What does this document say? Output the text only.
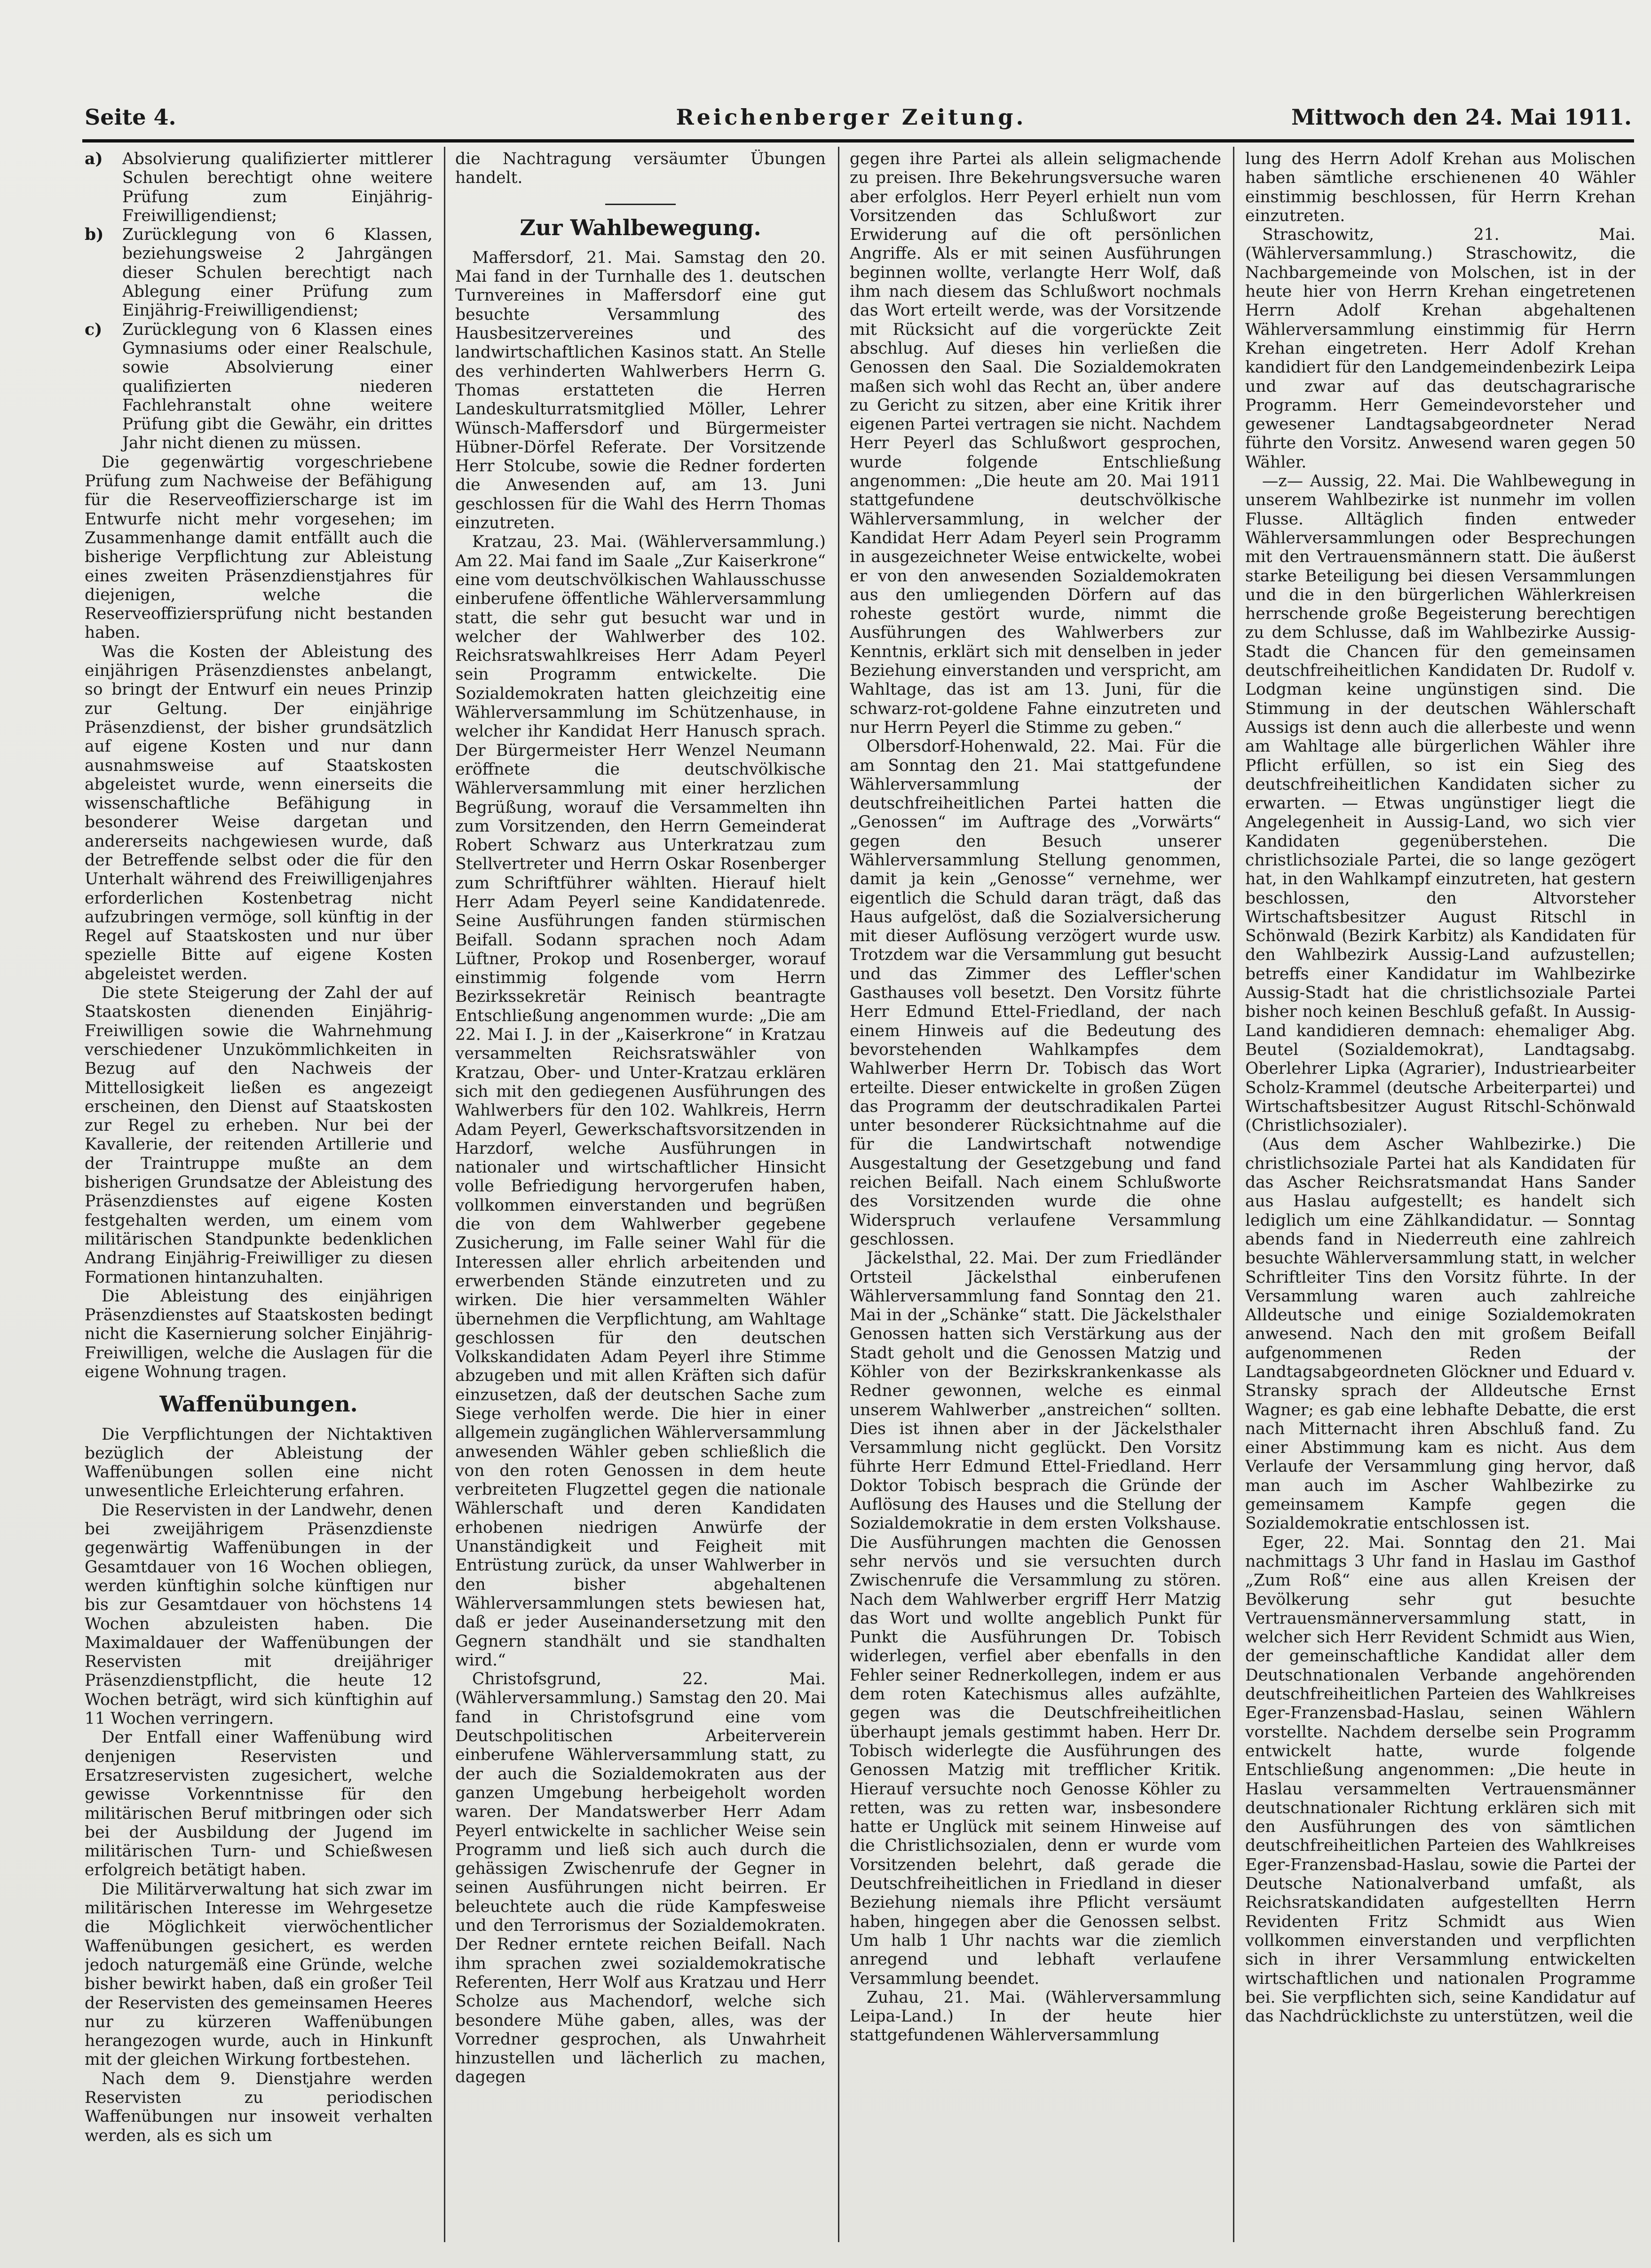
Seite 4.	Reichenberger Zeitung.	Mittwoch den 24. Mai 1911.

a) Absolvierung qualifizierter mittlerer Schulen berechtigt ohne weitere Prüfung zum Einjährig-Freiwilligendienst;

b) Zurücklegung von 6 Klassen, beziehungsweise 2 Jahrgängen dieser Schulen berechtigt nach Ablegung einer Prüfung zum Einjährig-Freiwilligendienst;

c) Zurücklegung von 6 Klassen eines Gymnasiums oder einer Realschule, sowie Absolvierung einer qualifizierten niederen Fachlehranstalt ohne weitere Prüfung gibt die Gewähr, ein drittes Jahr nicht dienen zu müssen.

Die gegenwärtig vorgeschriebene Prüfung zum Nachweise der Befähigung für die Reserveoffizierscharge ist im Entwurfe nicht mehr vorgesehen; im Zusammenhange damit entfällt auch die bisherige Verpflichtung zur Ableistung eines zweiten Präsenzdienstjahres für diejenigen, welche die Reserveoffiziersprüfung nicht bestanden haben.

Was die Kosten der Ableistung des einjährigen Präsenzdienstes anbelangt, so bringt der Entwurf ein neues Prinzip zur Geltung. Der einjährige Präsenzdienst, der bisher grundsätzlich auf eigene Kosten und nur dann ausnahmsweise auf Staatskosten abgeleistet wurde, wenn einerseits die wissenschaftliche Befähigung in besonderer Weise dargetan und andererseits nachgewiesen wurde, daß der Betreffende selbst oder die für den Unterhalt während des Freiwilligenjahres erforderlichen Kostenbetrag nicht aufzubringen vermöge, soll künftig in der Regel auf Staatskosten und nur über spezielle Bitte auf eigene Kosten abgeleistet werden.

Die stete Steigerung der Zahl der auf Staatskosten dienenden Einjährig-Freiwilligen sowie die Wahrnehmung verschiedener Unzukömmlichkeiten in Bezug auf den Nachweis der Mittellosigkeit ließen es angezeigt erscheinen, den Dienst auf Staatskosten zur Regel zu erheben. Nur bei der Kavallerie, der reitenden Artillerie und der Traintruppe mußte an dem bisherigen Grundsatze der Ableistung des Präsenzdienstes auf eigene Kosten festgehalten werden, um einem vom militärischen Standpunkte bedenklichen Andrang Einjährig-Freiwilliger zu diesen Formationen hintanzuhalten.

Die Ableistung des einjährigen Präsenzdienstes auf Staatskosten bedingt nicht die Kasernierung solcher Einjährig-Freiwilligen, welche die Auslagen für die eigene Wohnung tragen.

Waffenübungen.

Die Verpflichtungen der Nichtaktiven bezüglich der Ableistung der Waffenübungen sollen eine nicht unwesentliche Erleichterung erfahren.

Die Reservisten in der Landwehr, denen bei zweijährigem Präsenzdienste gegenwärtig Waffenübungen in der Gesamtdauer von 16 Wochen obliegen, werden künftighin solche künftigen nur bis zur Gesamtdauer von höchstens 14 Wochen abzuleisten haben. Die Maximaldauer der Waffenübungen der Reservisten mit dreijähriger Präsenzdienstpflicht, die heute 12 Wochen beträgt, wird sich künftighin auf 11 Wochen verringern.

Der Entfall einer Waffenübung wird denjenigen Reservisten und Ersatzreservisten zugesichert, welche gewisse Vorkenntnisse für den militärischen Beruf mitbringen oder sich bei der Ausbildung der Jugend im militärischen Turn- und Schießwesen erfolgreich betätigt haben.

Die Militärverwaltung hat sich zwar im militärischen Interesse im Wehrgesetze die Möglichkeit vierwöchentlicher Waffenübungen gesichert, es werden jedoch naturgemäß eine Gründe, welche bisher bewirkt haben, daß ein großer Teil der Reservisten des gemeinsamen Heeres nur zu kürzeren Waffenübungen herangezogen wurde, auch in Hinkunft mit der gleichen Wirkung fortbestehen.

Nach dem 9. Dienstjahre werden Reservisten zu periodischen Waffenübungen nur insoweit verhalten werden, als es sich um

die Nachtragung versäumter Übungen handelt.

Zur Wahlbewegung.

Maffersdorf, 21. Mai. Samstag den 20. Mai fand in der Turnhalle des 1. deutschen Turnvereines in Maffersdorf eine gut besuchte Versammlung des Hausbesitzervereines und des landwirtschaftlichen Kasinos statt. An Stelle des verhinderten Wahlwerbers Herrn G. Thomas erstatteten die Herren Landeskulturratsmitglied Möller, Lehrer Wünsch-Maffersdorf und Bürgermeister Hübner-Dörfel Referate. Der Vorsitzende Herr Stolcube, sowie die Redner forderten die Anwesenden auf, am 13. Juni geschlossen für die Wahl des Herrn Thomas einzutreten.

Kratzau, 23. Mai. (Wählerversammlung.) Am 22. Mai fand im Saale „Zur Kaiserkrone“ eine vom deutschvölkischen Wahlausschusse einberufene öffentliche Wählerversammlung statt, die sehr gut besucht war und in welcher der Wahlwerber des 102. Reichsratswahlkreises Herr Adam Peyerl sein Programm entwickelte. Die Sozialdemokraten hatten gleichzeitig eine Wählerversammlung im Schützenhause, in welcher ihr Kandidat Herr Hanusch sprach. Der Bürgermeister Herr Wenzel Neumann eröffnete die deutschvölkische Wählerversammlung mit einer herzlichen Begrüßung, worauf die Versammelten ihn zum Vorsitzenden, den Herrn Gemeinderat Robert Schwarz aus Unterkratzau zum Stellvertreter und Herrn Oskar Rosenberger zum Schriftführer wählten. Hierauf hielt Herr Adam Peyerl seine Kandidatenrede. Seine Ausführungen fanden stürmischen Beifall. Sodann sprachen noch Adam Lüftner, Prokop und Rosenberger, worauf einstimmig folgende vom Herrn Bezirkssekretär Reinisch beantragte Entschließung angenommen wurde: „Die am 22. Mai I. J. in der „Kaiserkrone“ in Kratzau versammelten Reichsratswähler von Kratzau, Ober- und Unter-Kratzau erklären sich mit den gediegenen Ausführungen des Wahlwerbers für den 102. Wahlkreis, Herrn Adam Peyerl, Gewerkschaftsvorsitzenden in Harzdorf, welche Ausführungen in nationaler und wirtschaftlicher Hinsicht volle Befriedigung hervorgerufen haben, vollkommen einverstanden und begrüßen die von dem Wahlwerber gegebene Zusicherung, im Falle seiner Wahl für die Interessen aller ehrlich arbeitenden und erwerbenden Stände einzutreten und zu wirken. Die hier versammelten Wähler übernehmen die Verpflichtung, am Wahltage geschlossen für den deutschen Volkskandidaten Adam Peyerl ihre Stimme abzugeben und mit allen Kräften sich dafür einzusetzen, daß der deutschen Sache zum Siege verholfen werde. Die hier in einer allgemein zugänglichen Wählerversammlung anwesenden Wähler geben schließlich die von den roten Genossen in dem heute verbreiteten Flugzettel gegen die nationale Wählerschaft und deren Kandidaten erhobenen niedrigen Anwürfe der Unanständigkeit und Feigheit mit Entrüstung zurück, da unser Wahlwerber in den bisher abgehaltenen Wählerversammlungen stets bewiesen hat, daß er jeder Auseinandersetzung mit den Gegnern standhält und sie standhalten wird.“

Christofsgrund, 22. Mai. (Wählerversammlung.) Samstag den 20. Mai fand in Christofsgrund eine vom Deutschpolitischen Arbeiterverein einberufene Wählerversammlung statt, zu der auch die Sozialdemokraten aus der ganzen Umgebung herbeigeholt worden waren. Der Mandatswerber Herr Adam Peyerl entwickelte in sachlicher Weise sein Programm und ließ sich auch durch die gehässigen Zwischenrufe der Gegner in seinen Ausführungen nicht beirren. Er beleuchtete auch die rüde Kampfesweise und den Terrorismus der Sozialdemokraten. Der Redner erntete reichen Beifall. Nach ihm sprachen zwei sozialdemokratische Referenten, Herr Wolf aus Kratzau und Herr Scholze aus Machendorf, welche sich besondere Mühe gaben, alles, was der Vorredner gesprochen, als Unwahrheit hinzustellen und lächerlich zu machen, dagegen

gegen ihre Partei als allein seligmachende zu preisen. Ihre Bekehrungsversuche waren aber erfolglos. Herr Peyerl erhielt nun vom Vorsitzenden das Schlußwort zur Erwiderung auf die oft persönlichen Angriffe. Als er mit seinen Ausführungen beginnen wollte, verlangte Herr Wolf, daß ihm nach diesem das Schlußwort nochmals das Wort erteilt werde, was der Vorsitzende mit Rücksicht auf die vorgerückte Zeit abschlug. Auf dieses hin verließen die Genossen den Saal. Die Sozialdemokraten maßen sich wohl das Recht an, über andere zu Gericht zu sitzen, aber eine Kritik ihrer eigenen Partei vertragen sie nicht. Nachdem Herr Peyerl das Schlußwort gesprochen, wurde folgende Entschließung angenommen: „Die heute am 20. Mai 1911 stattgefundene deutschvölkische Wählerversammlung, in welcher der Kandidat Herr Adam Peyerl sein Programm in ausgezeichneter Weise entwickelte, wobei er von den anwesenden Sozialdemokraten aus den umliegenden Dörfern auf das roheste gestört wurde, nimmt die Ausführungen des Wahlwerbers zur Kenntnis, erklärt sich mit denselben in jeder Beziehung einverstanden und verspricht, am Wahltage, das ist am 13. Juni, für die schwarz-rot-goldene Fahne einzutreten und nur Herrn Peyerl die Stimme zu geben.“

Olbersdorf-Hohenwald, 22. Mai. Für die am Sonntag den 21. Mai stattgefundene Wählerversammlung der deutschfreiheitlichen Partei hatten die „Genossen“ im Auftrage des „Vorwärts“ gegen den Besuch unserer Wählerversammlung Stellung genommen, damit ja kein „Genosse“ vernehme, wer eigentlich die Schuld daran trägt, daß das Haus aufgelöst, daß die Sozialversicherung mit dieser Auflösung verzögert wurde usw. Trotzdem war die Versammlung gut besucht und das Zimmer des Leffler'schen Gasthauses voll besetzt. Den Vorsitz führte Herr Edmund Ettel-Friedland, der nach einem Hinweis auf die Bedeutung des bevorstehenden Wahlkampfes dem Wahlwerber Herrn Dr. Tobisch das Wort erteilte. Dieser entwickelte in großen Zügen das Programm der deutschradikalen Partei unter besonderer Rücksichtnahme auf die für die Landwirtschaft notwendige Ausgestaltung der Gesetzgebung und fand reichen Beifall. Nach einem Schlußworte des Vorsitzenden wurde die ohne Widerspruch verlaufene Versammlung geschlossen.

Jäckelsthal, 22. Mai. Der zum Friedländer Ortsteil Jäckelsthal einberufenen Wählerversammlung fand Sonntag den 21. Mai in der „Schänke“ statt. Die Jäckelsthaler Genossen hatten sich Verstärkung aus der Stadt geholt und die Genossen Matzig und Köhler von der Bezirkskrankenkasse als Redner gewonnen, welche es einmal unserem Wahlwerber „anstreichen“ sollten. Dies ist ihnen aber in der Jäckelsthaler Versammlung nicht geglückt. Den Vorsitz führte Herr Edmund Ettel-Friedland. Herr Doktor Tobisch besprach die Gründe der Auflösung des Hauses und die Stellung der Sozialdemokratie in dem ersten Volkshause. Die Ausführungen machten die Genossen sehr nervös und sie versuchten durch Zwischenrufe die Versammlung zu stören. Nach dem Wahlwerber ergriff Herr Matzig das Wort und wollte angeblich Punkt für Punkt die Ausführungen Dr. Tobisch widerlegen, verfiel aber ebenfalls in den Fehler seiner Rednerkollegen, indem er aus dem roten Katechismus alles aufzählte, gegen was die Deutschfreiheitlichen überhaupt jemals gestimmt haben. Herr Dr. Tobisch widerlegte die Ausführungen des Genossen Matzig mit trefflicher Kritik. Hierauf versuchte noch Genosse Köhler zu retten, was zu retten war, insbesondere hatte er Unglück mit seinem Hinweise auf die Christlichsozialen, denn er wurde vom Vorsitzenden belehrt, daß gerade die Deutschfreiheitlichen in Friedland in dieser Beziehung niemals ihre Pflicht versäumt haben, hingegen aber die Genossen selbst. Um halb 1 Uhr nachts war die ziemlich anregend und lebhaft verlaufene Versammlung beendet.

Zuhau, 21. Mai. (Wählerversammlung Leipa-Land.) In der heute hier stattgefundenen Wählerversammlung

lung des Herrn Adolf Krehan aus Molischen haben sämtliche erschienenen 40 Wähler einstimmig beschlossen, für Herrn Krehan einzutreten.

Straschowitz, 21. Mai. (Wählerversammlung.) Straschowitz, die Nachbargemeinde von Molschen, ist in der heute hier von Herrn Krehan eingetretenen Herrn Adolf Krehan abgehaltenen Wählerversammlung einstimmig für Herrn Krehan eingetreten. Herr Adolf Krehan kandidiert für den Landgemeindenbezirk Leipa und zwar auf das deutschagrarische Programm. Herr Gemeindevorsteher und gewesener Landtagsabgeordneter Nerad führte den Vorsitz. Anwesend waren gegen 50 Wähler.

—z— Aussig, 22. Mai. Die Wahlbewegung in unserem Wahlbezirke ist nunmehr im vollen Flusse. Alltäglich finden entweder Wählerversammlungen oder Besprechungen mit den Vertrauensmännern statt. Die äußerst starke Beteiligung bei diesen Versammlungen und die in den bürgerlichen Wählerkreisen herrschende große Begeisterung berechtigen zu dem Schlusse, daß im Wahlbezirke Aussig-Stadt die Chancen für den gemeinsamen deutschfreiheitlichen Kandidaten Dr. Rudolf v. Lodgman keine ungünstigen sind. Die Stimmung in der deutschen Wählerschaft Aussigs ist denn auch die allerbeste und wenn am Wahltage alle bürgerlichen Wähler ihre Pflicht erfüllen, so ist ein Sieg des deutschfreiheitlichen Kandidaten sicher zu erwarten. — Etwas ungünstiger liegt die Angelegenheit in Aussig-Land, wo sich vier Kandidaten gegenüberstehen. Die christlichsoziale Partei, die so lange gezögert hat, in den Wahlkampf einzutreten, hat gestern beschlossen, den Altvorsteher Wirtschaftsbesitzer August Ritschl in Schönwald (Bezirk Karbitz) als Kandidaten für den Wahlbezirk Aussig-Land aufzustellen; betreffs einer Kandidatur im Wahlbezirke Aussig-Stadt hat die christlichsoziale Partei bisher noch keinen Beschluß gefaßt. In Aussig-Land kandidieren demnach: ehemaliger Abg. Beutel (Sozialdemokrat), Landtagsabg. Oberlehrer Lipka (Agrarier), Industriearbeiter Scholz-Krammel (deutsche Arbeiterpartei) und Wirtschaftsbesitzer August Ritschl-Schönwald (Christlichsozialer).

(Aus dem Ascher Wahlbezirke.) Die christlichsoziale Partei hat als Kandidaten für das Ascher Reichsratsmandat Hans Sander aus Haslau aufgestellt; es handelt sich lediglich um eine Zählkandidatur. — Sonntag abends fand in Niederreuth eine zahlreich besuchte Wählerversammlung statt, in welcher Schriftleiter Tins den Vorsitz führte. In der Versammlung waren auch zahlreiche Alldeutsche und einige Sozialdemokraten anwesend. Nach den mit großem Beifall aufgenommenen Reden der Landtagsabgeordneten Glöckner und Eduard v. Stransky sprach der Alldeutsche Ernst Wagner; es gab eine lebhafte Debatte, die erst nach Mitternacht ihren Abschluß fand. Zu einer Abstimmung kam es nicht. Aus dem Verlaufe der Versammlung ging hervor, daß man auch im Ascher Wahlbezirke zu gemeinsamem Kampfe gegen die Sozialdemokratie entschlossen ist.

Eger, 22. Mai. Sonntag den 21. Mai nachmittags 3 Uhr fand in Haslau im Gasthof „Zum Roß“ eine aus allen Kreisen der Bevölkerung sehr gut besuchte Vertrauensmännerversammlung statt, in welcher sich Herr Revident Schmidt aus Wien, der gemeinschaftliche Kandidat aller dem Deutschnationalen Verbande angehörenden deutschfreiheitlichen Parteien des Wahlkreises Eger-Franzensbad-Haslau, seinen Wählern vorstellte. Nachdem derselbe sein Programm entwickelt hatte, wurde folgende Entschließung angenommen: „Die heute in Haslau versammelten Vertrauensmänner deutschnationaler Richtung erklären sich mit den Ausführungen des von sämtlichen deutschfreiheitlichen Parteien des Wahlkreises Eger-Franzensbad-Haslau, sowie die Partei der Deutsche Nationalverband umfaßt, als Reichsratskandidaten aufgestellten Herrn Revidenten Fritz Schmidt aus Wien vollkommen einverstanden und verpflichten sich in ihrer Versammlung entwickelten wirtschaftlichen und nationalen Programme bei. Sie verpflichten sich, seine Kandidatur auf das Nachdrücklichste zu unterstützen, weil die
